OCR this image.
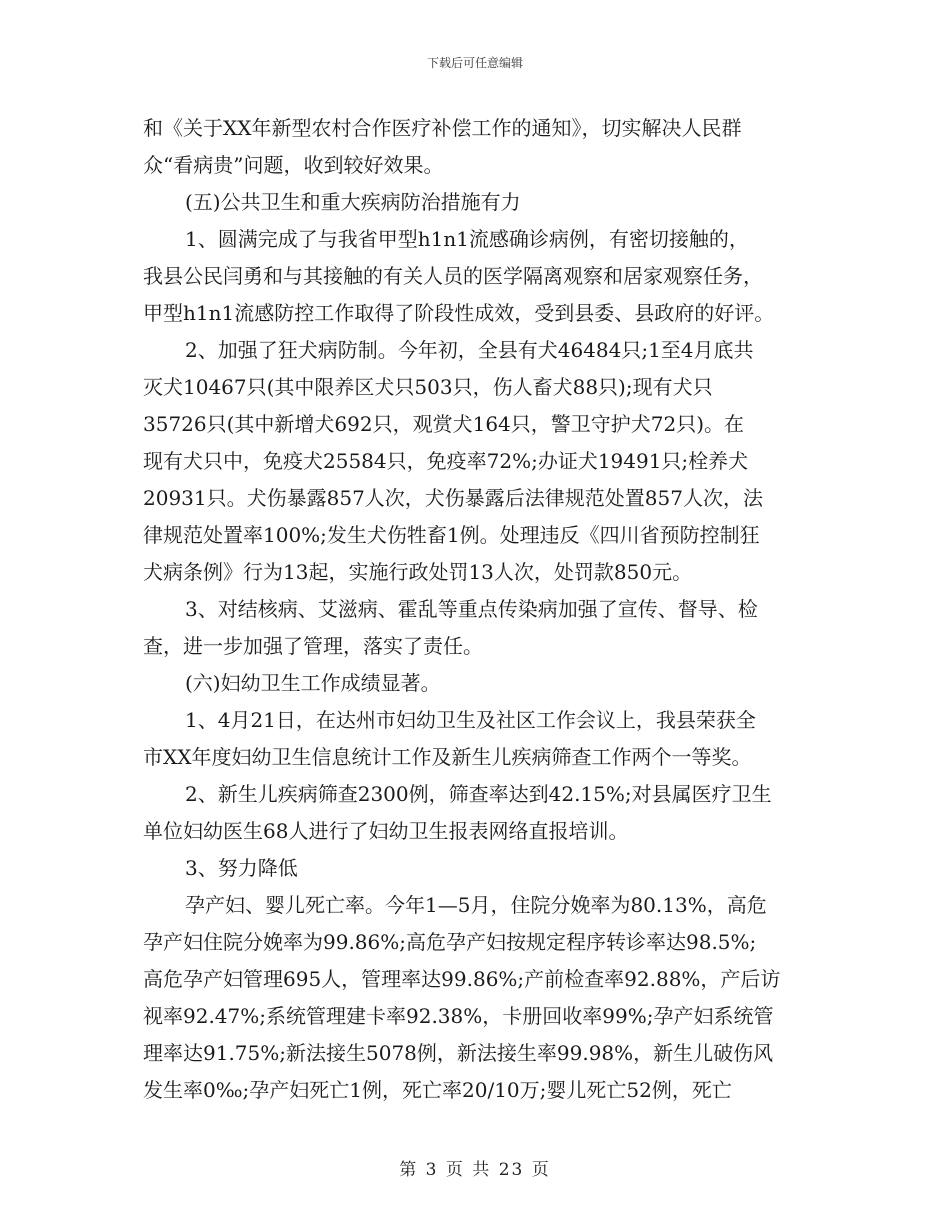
下载后可任意编辑
和《关于XX年新型农村合作医疗补偿工作的通知》，切实解决人民群
众“看病贵”问题，收到较好效果。
(五)公共卫生和重大疾病防治措施有力
1、圆满完成了与我省甲型h1n1流感确诊病例，有密切接触的，
我县公民闫勇和与其接触的有关人员的医学隔离观察和居家观察任务，
甲型h1n1流感防控工作取得了阶段性成效，受到县委、县政府的好评。
2、加强了狂犬病防制。今年初，全县有犬46484只;1至4月底共
灭犬10467只(其中限养区犬只503只，伤人畜犬88只);现有犬只
35726只(其中新增犬692只，观赏犬164只，警卫守护犬72只)。在
现有犬只中，免疫犬25584只，免疫率72%;办证犬19491只;栓养犬
20931只。犬伤暴露857人次，犬伤暴露后法律规范处置857人次，法
律规范处置率100%;发生犬伤牲畜1例。处理违反《四川省预防控制狂
犬病条例》行为13起，实施行政处罚13人次，处罚款850元。
3、对结核病、艾滋病、霍乱等重点传染病加强了宣传、督导、检
查，进一步加强了管理，落实了责任。
(六)妇幼卫生工作成绩显著。
1、4月21日，在达州市妇幼卫生及社区工作会议上，我县荣获全
市XX年度妇幼卫生信息统计工作及新生儿疾病筛查工作两个一等奖。
2、新生儿疾病筛查2300例，筛查率达到42.15%;对县属医疗卫生
单位妇幼医生68人进行了妇幼卫生报表网络直报培训。
3、努力降低
孕产妇、婴儿死亡率。今年1—5月，住院分娩率为80.13%，高危
孕产妇住院分娩率为99.86%;高危孕产妇按规定程序转诊率达98.5%;
高危孕产妇管理695人，管理率达99.86%;产前检查率92.88%，产后访
视率92.47%;系统管理建卡率92.38%，卡册回收率99%;孕产妇系统管
理率达91.75%;新法接生5078例，新法接生率99.98%，新生儿破伤风
发生率0‰;孕产妇死亡1例，死亡率20/10万;婴儿死亡52例，死亡
第 3 页 共 23 页
